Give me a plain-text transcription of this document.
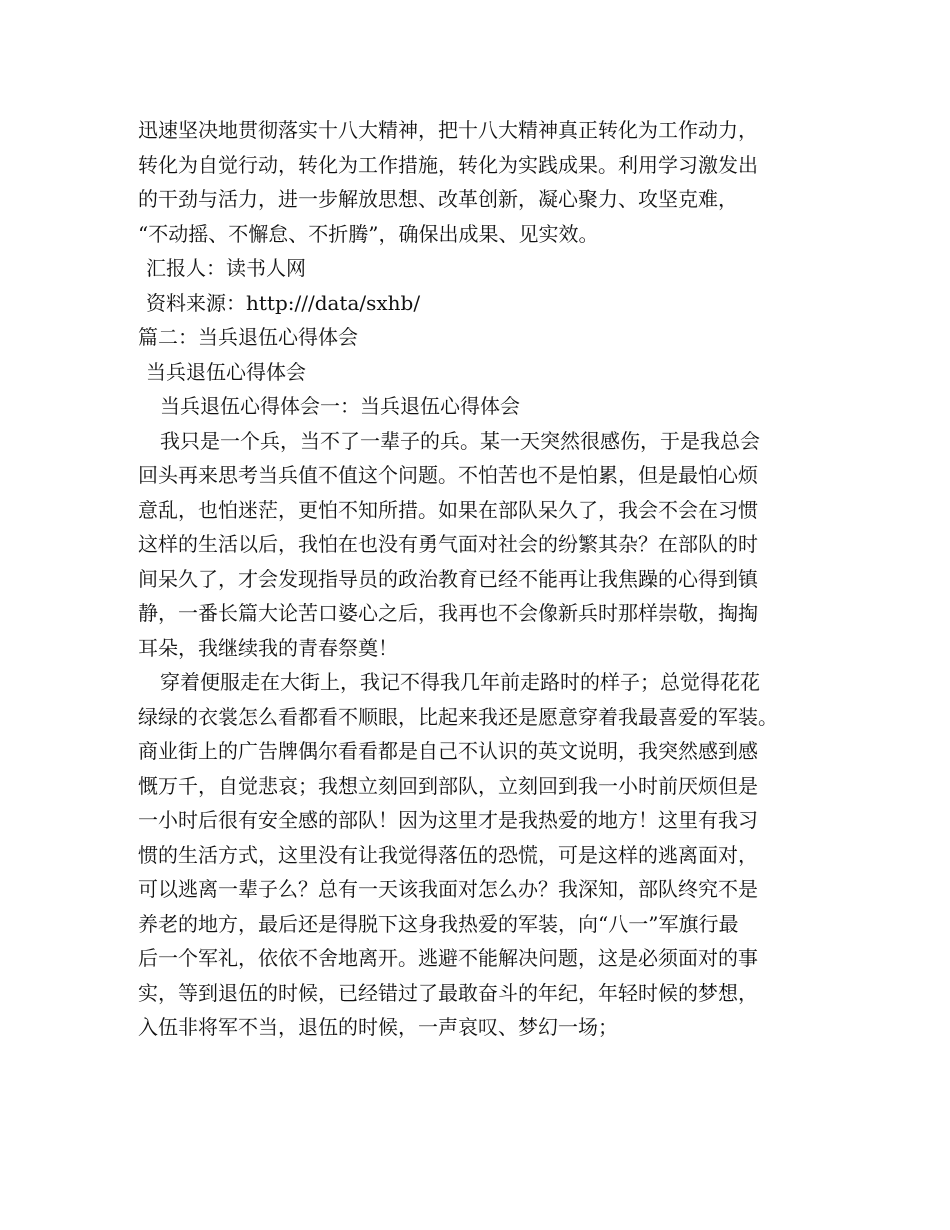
迅速坚决地贯彻落实十八大精神，把十八大精神真正转化为工作动力，
转化为自觉行动，转化为工作措施，转化为实践成果。利用学习激发出
的干劲与活力，进一步解放思想、改革创新，凝心聚力、攻坚克难，
“不动摇、不懈怠、不折腾”，确保出成果、见实效。
汇报人：读书人网
资料来源：http:///data/sxhb/
篇二：当兵退伍心得体会
当兵退伍心得体会
当兵退伍心得体会一：当兵退伍心得体会
我只是一个兵，当不了一辈子的兵。某一天突然很感伤，于是我总会
回头再来思考当兵值不值这个问题。不怕苦也不是怕累，但是最怕心烦
意乱，也怕迷茫，更怕不知所措。如果在部队呆久了，我会不会在习惯
这样的生活以后，我怕在也没有勇气面对社会的纷繁其杂？在部队的时
间呆久了，才会发现指导员的政治教育已经不能再让我焦躁的心得到镇
静，一番长篇大论苦口婆心之后，我再也不会像新兵时那样崇敬，掏掏
耳朵，我继续我的青春祭奠！
穿着便服走在大街上，我记不得我几年前走路时的样子；总觉得花花
绿绿的衣裳怎么看都看不顺眼，比起来我还是愿意穿着我最喜爱的军装。
商业街上的广告牌偶尔看看都是自己不认识的英文说明，我突然感到感
慨万千，自觉悲哀；我想立刻回到部队，立刻回到我一小时前厌烦但是
一小时后很有安全感的部队！因为这里才是我热爱的地方！这里有我习
惯的生活方式，这里没有让我觉得落伍的恐慌，可是这样的逃离面对，
可以逃离一辈子么？总有一天该我面对怎么办？我深知，部队终究不是
养老的地方，最后还是得脱下这身我热爱的军装，向“八一”军旗行最
后一个军礼，依依不舍地离开。逃避不能解决问题，这是必须面对的事
实，等到退伍的时候，已经错过了最敢奋斗的年纪，年轻时候的梦想，
入伍非将军不当，退伍的时候，一声哀叹、梦幻一场；
